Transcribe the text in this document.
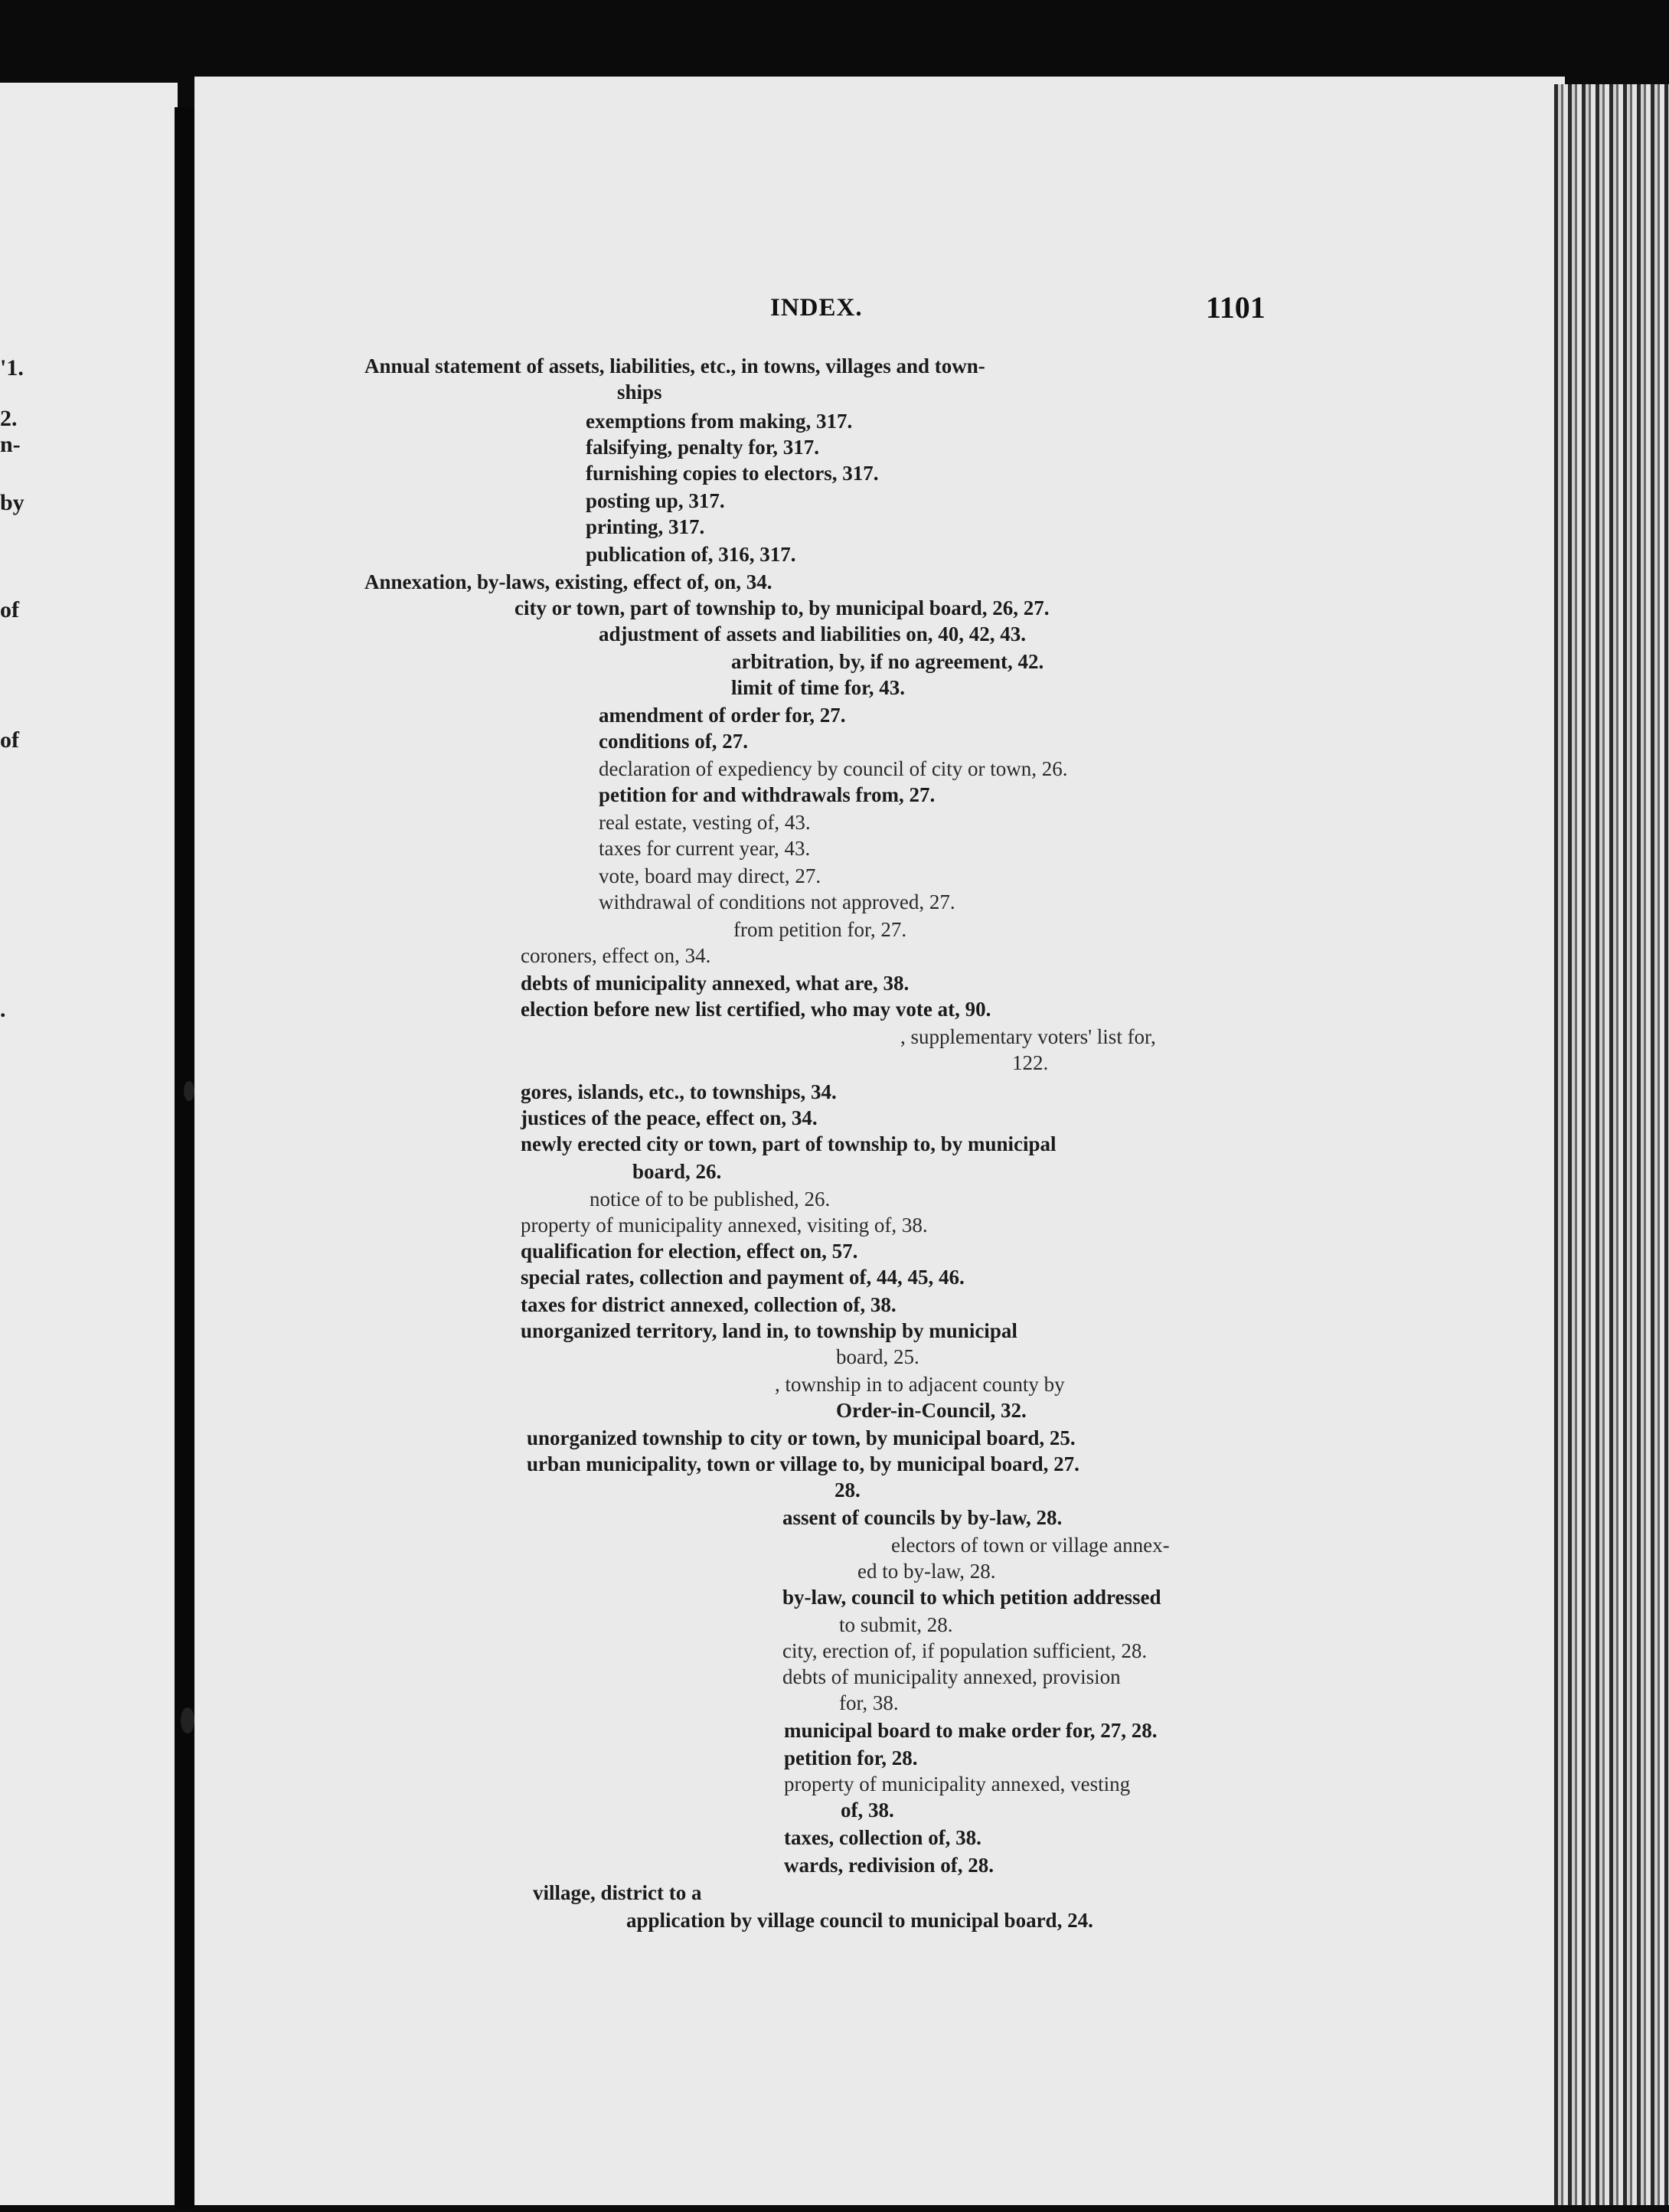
'1.
2.
n-
by
of
of
.
INDEX.	1101
Annual statement of assets, liabilities, etc., in towns, villages and town-
ships
exemptions from making, 317.
falsifying, penalty for, 317.
furnishing copies to electors, 317.
posting up, 317.
printing, 317.
publication of, 316, 317.
Annexation, by-laws, existing, effect of, on, 34.
city or town, part of township to, by municipal board, 26, 27.
adjustment of assets and liabilities on, 40, 42, 43.
arbitration, by, if no agreement, 42.
limit of time for, 43.
amendment of order for, 27.
conditions of, 27.
declaration of expediency by council of city or town, 26.
petition for and withdrawals from, 27.
real estate, vesting of, 43.
taxes for current year, 43.
vote, board may direct, 27.
withdrawal of conditions not approved, 27.
from petition for, 27.
coroners, effect on, 34.
debts of municipality annexed, what are, 38.
election before new list certified, who may vote at, 90.
, supplementary voters' list for,
122.
gores, islands, etc., to townships, 34.
justices of the peace, effect on, 34.
newly erected city or town, part of township to, by municipal
board, 26.
notice of to be published, 26.
property of municipality annexed, visiting of, 38.
qualification for election, effect on, 57.
special rates, collection and payment of, 44, 45, 46.
taxes for district annexed, collection of, 38.
unorganized territory, land in, to township by municipal
board, 25.
, township in to adjacent county by
Order-in-Council, 32.
unorganized township to city or town, by municipal board, 25.
urban municipality, town or village to, by municipal board, 27.
28.
assent of councils by by-law, 28.
electors of town or village annex-
ed to by-law, 28.
by-law, council to which petition addressed
to submit, 28.
city, erection of, if population sufficient, 28.
debts of municipality annexed, provision
for, 38.
municipal board to make order for, 27, 28.
petition for, 28.
property of municipality annexed, vesting
of, 38.
taxes, collection of, 38.
wards, redivision of, 28.
village, district to a
application by village council to municipal board, 24.
